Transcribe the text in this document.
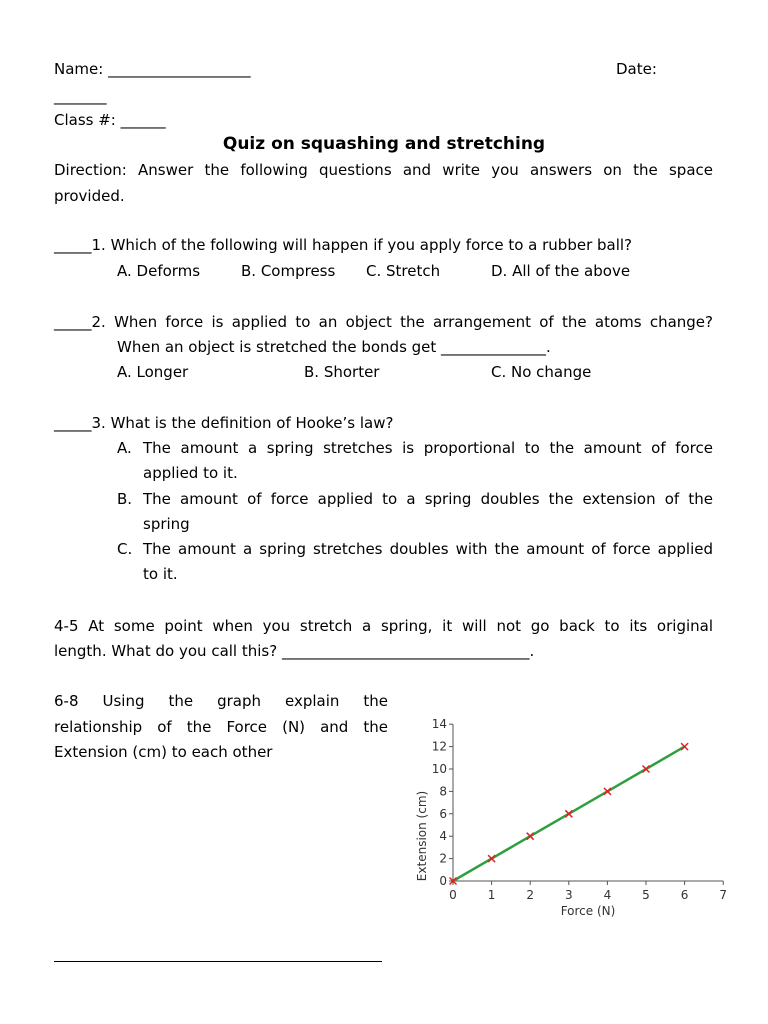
Name: ___________________	Date:
_______
Class #: ______
Quiz on squashing and stretching
Direction: Answer the following questions and write you answers on the space
provided.
_____1. Which of the following will happen if you apply force to a rubber ball?
A. Deforms	B. Compress C. Stretch	D. All of the above
_____2. When force is applied to an object the arrangement of the atoms change?
When an object is stretched the bonds get ______________.
A. Longer	B. Shorter	C. No change
_____3. What is the definition of Hooke’s law?
A. The amount a spring stretches is proportional to the amount of force
applied to it.
B. The amount of force applied to a spring doubles the extension of the
spring
C. The amount a spring stretches doubles with the amount of force applied
to it.
4-5 At some point when you stretch a spring, it will not go back to its original
length. What do you call this? _________________________________.
6-8 Using the graph explain the
relationship of the Force (N) and the
Extension (cm) to each other
0
2
4
6
8
10
12
14
0	1	2	3	4	5	6	7
Force (N)
Extension (cm)
